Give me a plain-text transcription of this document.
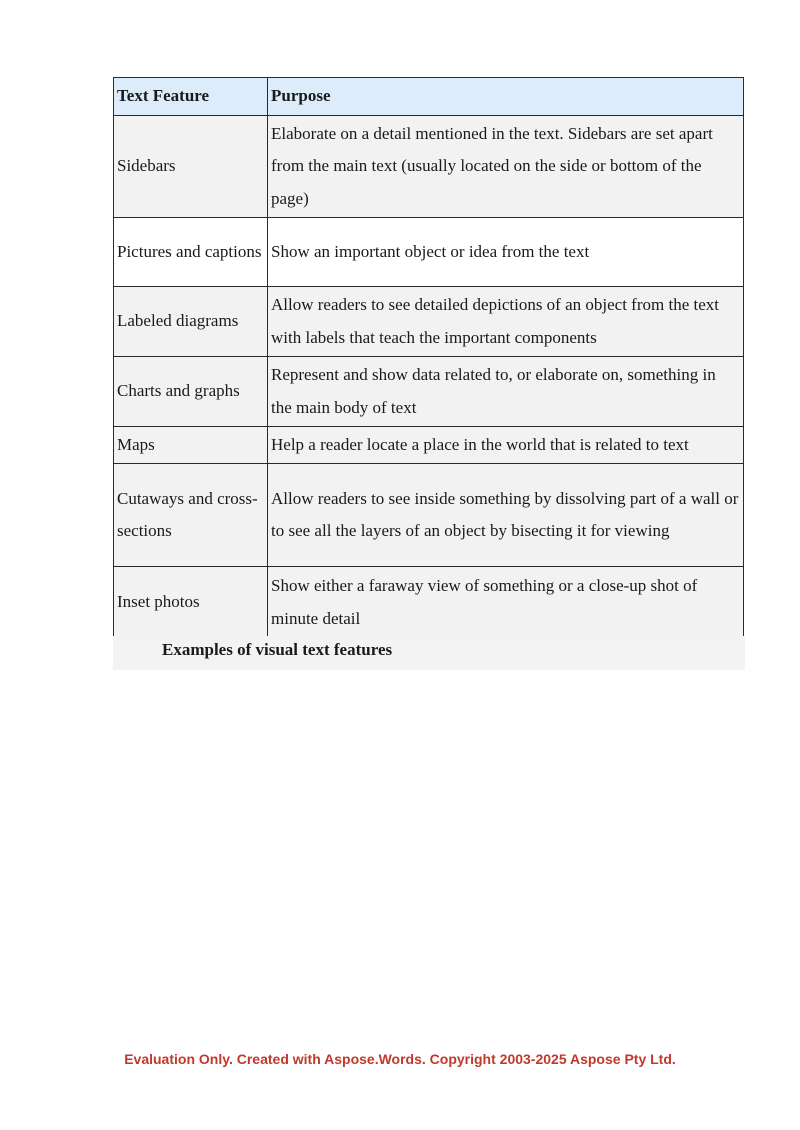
Text Feature	Purpose
Sidebars	Elaborate on a detail mentioned in the text. Sidebars are set apart from the main text (usually located on the side or bottom of the page)
Pictures and captions	Show an important object or idea from the text
Labeled diagrams	Allow readers to see detailed depictions of an object from the text with labels that teach the important components
Charts and graphs	Represent and show data related to, or elaborate on, something in the main body of text
Maps	Help a reader locate a place in the world that is related to text
Cutaways and cross-sections	Allow readers to see inside something by dissolving part of a wall or to see all the layers of an object by bisecting it for viewing
Inset photos	Show either a faraway view of something or a close-up shot of minute detail
Examples of visual text features
Evaluation Only. Created with Aspose.Words. Copyright 2003-2025 Aspose Pty Ltd.
